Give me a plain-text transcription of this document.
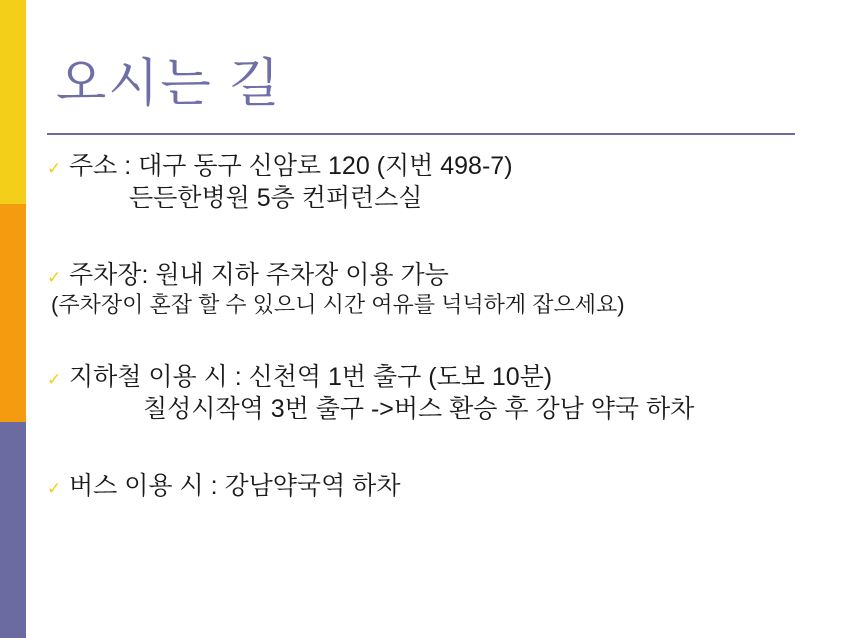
오시는 길
✓ 주소 : 대구 동구 신암로 120 (지번 498-7)
든든한병원 5층 컨퍼런스실
✓ 주차장: 원내 지하 주차장 이용 가능
(주차장이 혼잡 할 수 있으니 시간 여유를 넉넉하게 잡으세요)
✓ 지하철 이용 시 : 신천역 1번 출구 (도보 10분)
칠성시작역 3번 출구 ->버스 환승 후 강남 약국 하차
✓ 버스 이용 시 : 강남약국역 하차
